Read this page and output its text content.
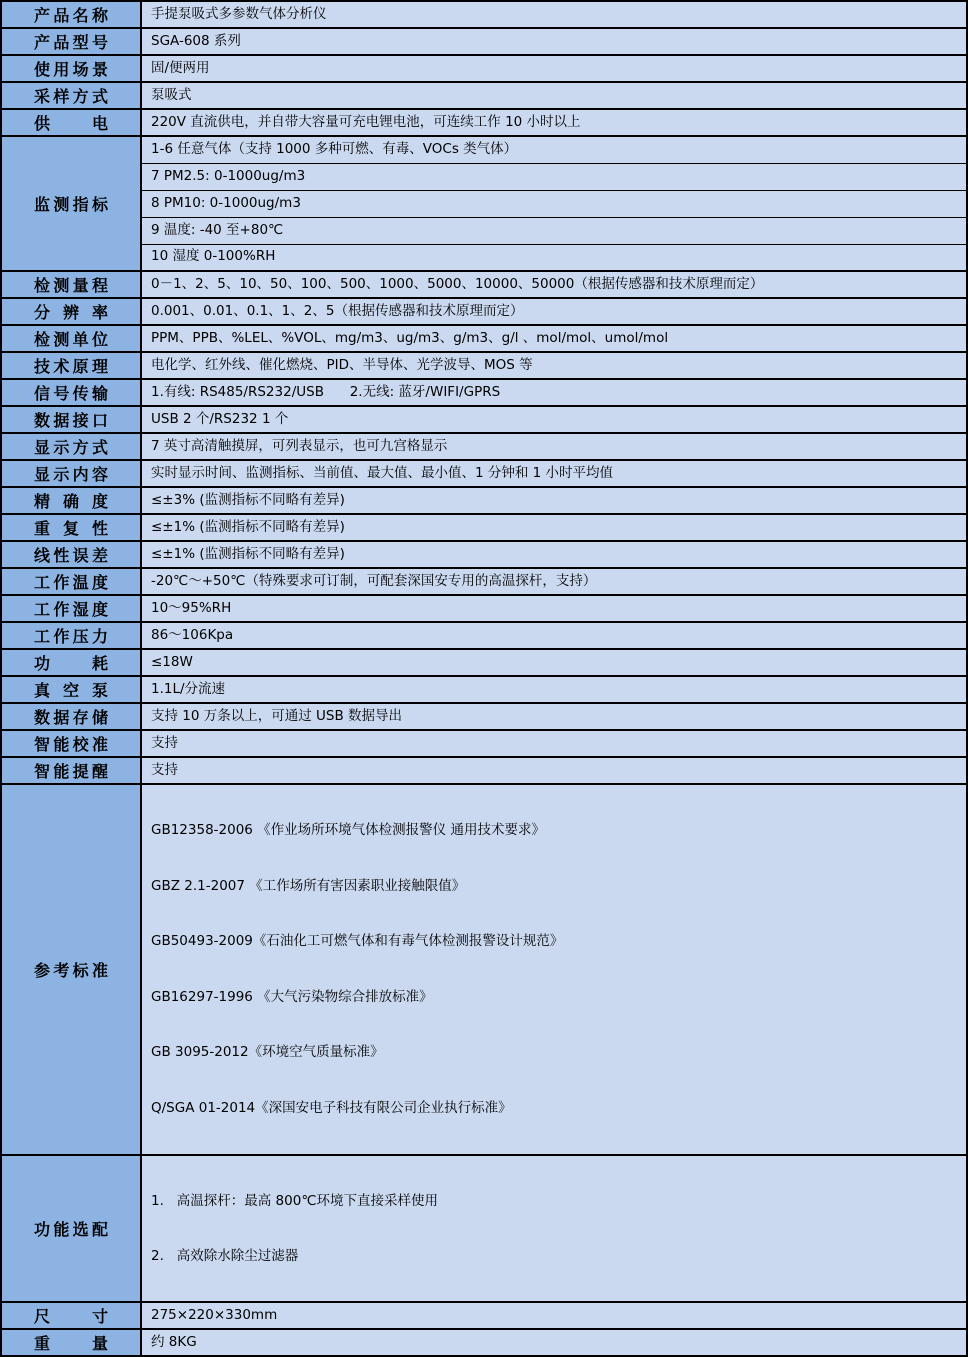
产品名称	手提泵吸式多参数气体分析仪
产品型号	SGA-608 系列
使用场景	固/便两用
采样方式	泵吸式
供电	220V 直流供电，并自带大容量可充电锂电池，可连续工作 10 小时以上
监测指标	1-6 任意气体（支持 1000 多种可燃、有毒、VOCs 类气体）
	7 PM2.5: 0-1000ug/m3
	8 PM10: 0-1000ug/m3
	9 温度: -40 至+80℃
	10 湿度 0-100%RH
检测量程	0－1、2、5、10、50、100、500、1000、5000、10000、50000（根据传感器和技术原理而定）
分辨率	0.001、0.01、0.1、1、2、5（根据传感器和技术原理而定）
检测单位	PPM、PPB、%LEL、%VOL、mg/m3、ug/m3、g/m3、g/l 、mol/mol、umol/mol
技术原理	电化学、红外线、催化燃烧、PID、半导体、光学波导、MOS 等
信号传输	1.有线: RS485/RS232/USB      2.无线: 蓝牙/WIFI/GPRS
数据接口	USB 2 个/RS232 1 个
显示方式	7 英寸高清触摸屏，可列表显示，也可九宫格显示
显示内容	实时显示时间、监测指标、当前值、最大值、最小值、1 分钟和 1 小时平均值
精确度	≤±3% (监测指标不同略有差异)
重复性	≤±1% (监测指标不同略有差异)
线性误差	≤±1% (监测指标不同略有差异)
工作温度	-20℃～+50℃（特殊要求可订制，可配套深国安专用的高温探杆，支持）
工作湿度	10～95%RH
工作压力	86～106Kpa
功耗	≤18W
真空泵	1.1L/分流速
数据存储	支持 10 万条以上，可通过 USB 数据导出
智能校准	支持
智能提醒	支持
参考标准	

GB12358-2006 《作业场所环境气体检测报警仪 通用技术要求》

GBZ 2.1-2007 《工作场所有害因素职业接触限值》

GB50493-2009《石油化工可燃气体和有毒气体检测报警设计规范》

GB16297-1996 《大气污染物综合排放标准》

GB 3095-2012《环境空气质量标准》

Q/SGA 01-2014《深国安电子科技有限公司企业执行标准》

功能选配	1.   高温探杆：最高 800℃环境下直接采样使用

2.   高效除水除尘过滤器

尺寸	275×220×330mm
重量	约 8KG
